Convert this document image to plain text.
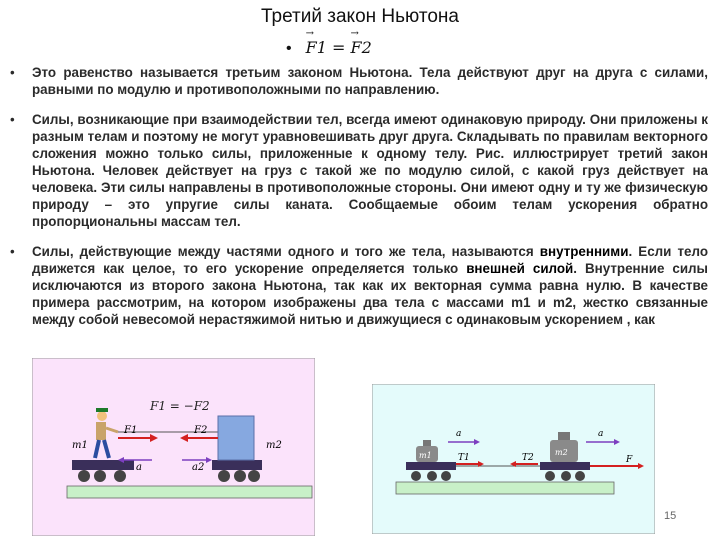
Третий закон Ньютона
•→ F1 = → F2
• Это равенство называется третьим законом Ньютона. Тела действуют друг на друга с силами, равными по модулю и противоположными по направлению.

• Силы, возникающие при взаимодействии тел, всегда имеют одинаковую природу. Они приложены к разным телам и поэтому не могут уравновешивать друг друга. Складывать по правилам векторного сложения можно только силы, приложенные к одному телу. Рис. иллюстрирует третий закон Ньютона. Человек действует на груз с такой же по модулю силой, с какой груз действует на человека. Эти силы направлены в противоположные стороны. Они имеют одну и ту же физическую природу – это упругие силы каната. Сообщаемые обоим телам ускорения обратно пропорциональны массам тел.

• Силы, действующие между частями одного и того же тела, называются внутренними. Если тело движется как целое, то его ускорение определяется только внешней силой. Внутренние силы исключаются из второго закона Ньютона, так как их векторная сумма равна нулю. В качестве примера рассмотрим, на котором изображены два тела с массами m1 и m2, жестко связанные между собой невесомой нерастяжимой нитью и движущиеся с одинаковым ускорением , как

F1 = −F2
m1	m2
F1	F2
a	a2
m1	m2
a	a
T1	T2	F
15
